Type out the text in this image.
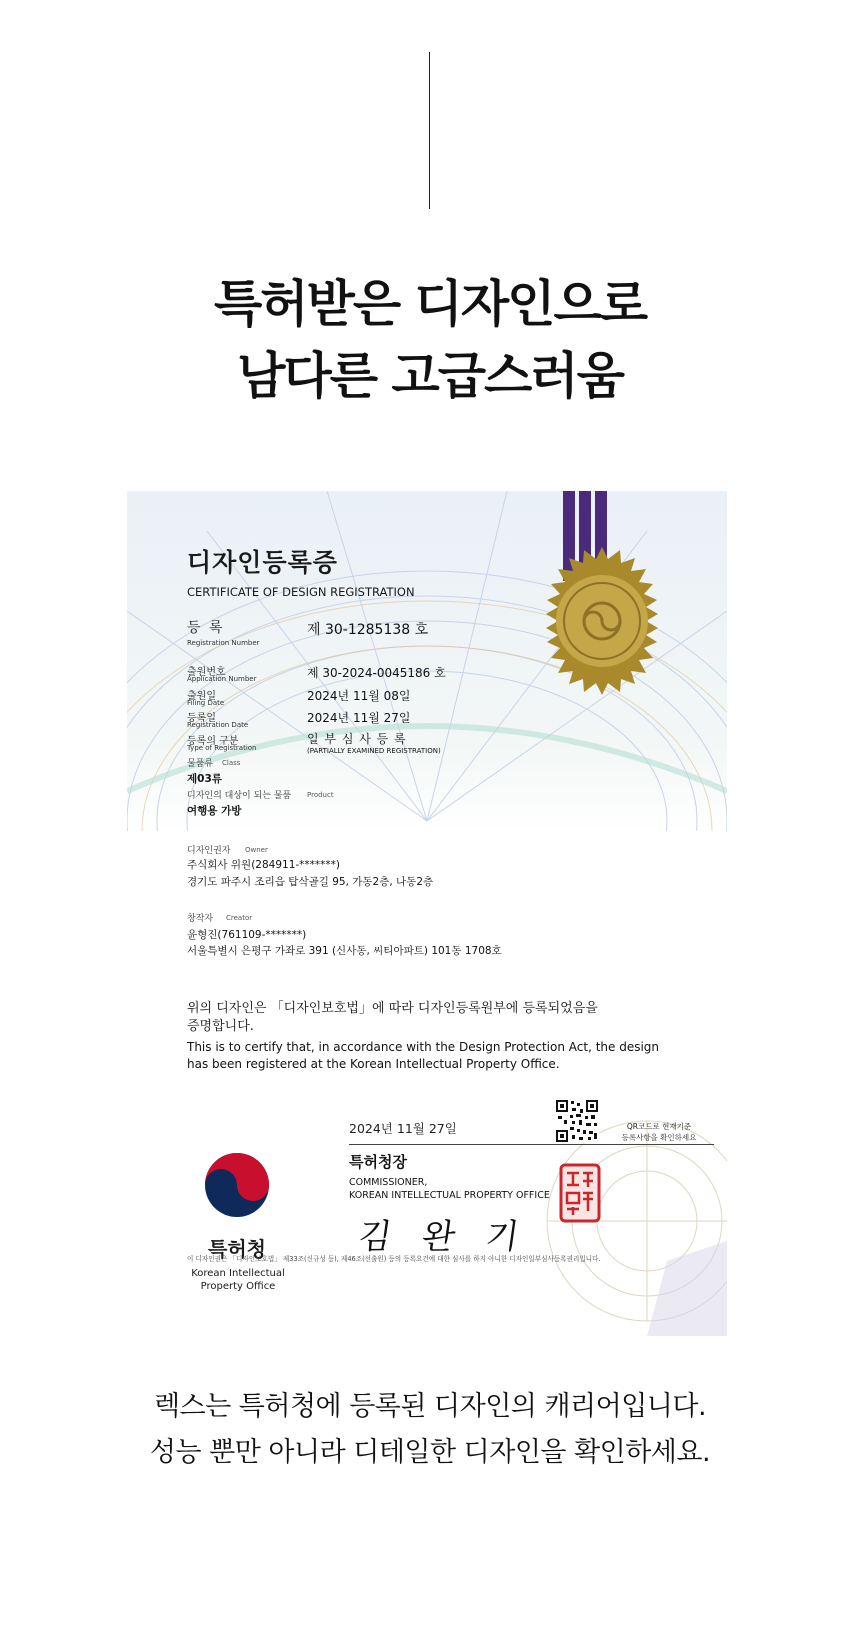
특허받은 디자인으로
남다른 고급스러움
디자인등록증
CERTIFICATE OF DESIGN REGISTRATION
등 록
Registration Number
제 30-1285138 호
출원번호
Application Number	제 30-2024-0045186 호
출원일
Filing Date	2024년 11월 08일
등록일
Registration Date	2024년 11월 27일
등록의 구분
Type of Registration
일 부 심 사 등 록
(PARTIALLY EXAMINED REGISTRATION)
물품류 Class
제03류
디자인의 대상이 되는 물품 Product
여행용 가방
디자인권자 Owner
주식회사 위원(284911-*******)
경기도 파주시 조리읍 탑삭골길 95, 가동2층, 나동2층
창작자 Creator
윤형진(761109-*******)
서울특별시 은평구 가좌로 391 (신사동, 씨티아파트) 101동 1708호
위의 디자인은 「디자인보호법」에 따라 디자인등록원부에 등록되었음을
증명합니다.
This is to certify that, in accordance with the Design Protection Act, the design
has been registered at the Korean Intellectual Property Office.
특허청
Korean Intellectual
Property Office
2024년 11월 27일
특허청장
COMMISSIONER,
KOREAN INTELLECTUAL PROPERTY OFFICE
김 완 기
QR코드로 현재기준
등록사항을 확인하세요
이 디자인권은 「디자인보호법」 제33조(신규성 등), 제46조(선출원) 등의 등록요건에 대한 심사를 하지 아니한 디자인일부심사등록권리입니다.
렉스는 특허청에 등록된 디자인의 캐리어입니다.
성능 뿐만 아니라 디테일한 디자인을 확인하세요.
